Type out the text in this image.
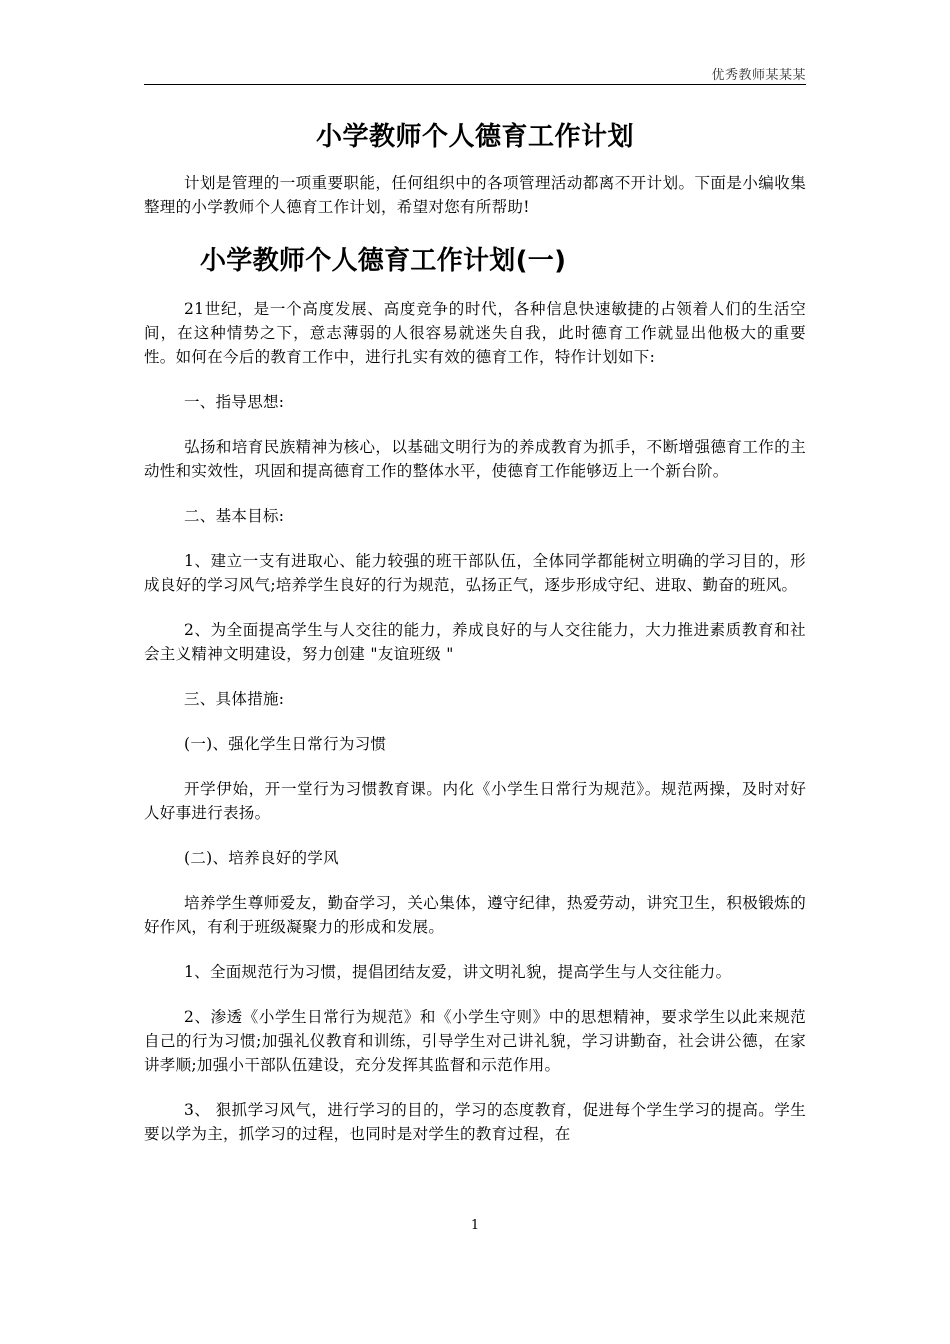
优秀教师某某某
小学教师个人德育工作计划

计划是管理的一项重要职能，任何组织中的各项管理活动都离不开计划。下面是小编收集整理的小学教师个人德育工作计划，希望对您有所帮助!

小学教师个人德育工作计划(一)

21世纪，是一个高度发展、高度竞争的时代，各种信息快速敏捷的占领着人们的生活空间，在这种情势之下，意志薄弱的人很容易就迷失自我，此时德育工作就显出他极大的重要性。如何在今后的教育工作中，进行扎实有效的德育工作，特作计划如下:

一、指导思想:

弘扬和培育民族精神为核心，以基础文明行为的养成教育为抓手，不断增强德育工作的主动性和实效性，巩固和提高德育工作的整体水平，使德育工作能够迈上一个新台阶。

二、基本目标:

1、建立一支有进取心、能力较强的班干部队伍，全体同学都能树立明确的学习目的，形成良好的学习风气;培养学生良好的行为规范，弘扬正气，逐步形成守纪、进取、勤奋的班风。

2、为全面提高学生与人交往的能力，养成良好的与人交往能力，大力推进素质教育和社会主义精神文明建设，努力创建 "友谊班级 "

三、具体措施:

(一)、强化学生日常行为习惯

开学伊始，开一堂行为习惯教育课。内化《小学生日常行为规范》。规范两操，及时对好人好事进行表扬。

(二)、培养良好的学风

培养学生尊师爱友，勤奋学习，关心集体，遵守纪律，热爱劳动，讲究卫生，积极锻炼的好作风，有利于班级凝聚力的形成和发展。

1、全面规范行为习惯，提倡团结友爱，讲文明礼貌，提高学生与人交往能力。

2、渗透《小学生日常行为规范》和《小学生守则》中的思想精神，要求学生以此来规范自己的行为习惯;加强礼仪教育和训练，引导学生对己讲礼貌，学习讲勤奋，社会讲公德，在家讲孝顺;加强小干部队伍建设，充分发挥其监督和示范作用。

3、 狠抓学习风气，进行学习的目的，学习的态度教育，促进每个学生学习的提高。学生要以学为主，抓学习的过程，也同时是对学生的教育过程，在

1
